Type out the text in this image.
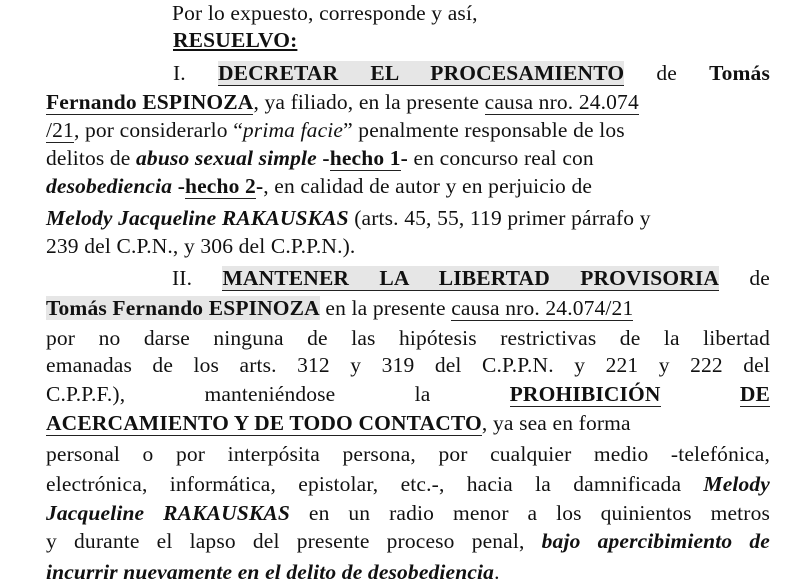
Por lo expuesto, corresponde y así,
RESUELVO:
I. DECRETAR EL PROCESAMIENTO de Tomás
Fernando ESPINOZA, ya filiado, en la presente causa nro. 24.074
/21, por considerarlo “prima facie” penalmente responsable de los
delitos de abuso sexual simple -hecho 1- en concurso real con
desobediencia -hecho 2-, en calidad de autor y en perjuicio de
Melody Jacqueline RAKAUSKAS (arts. 45, 55, 119 primer párrafo y
239 del C.P.N., y 306 del C.P.P.N.).
II. MANTENER LA LIBERTAD PROVISORIA de
Tomás Fernando ESPINOZA en la presente causa nro. 24.074/21
por no darse ninguna de las hipótesis restrictivas de la libertad
emanadas de los arts. 312 y 319 del C.P.P.N. y 221 y 222 del
C.P.P.F.),	manteniéndose	la	PROHIBICIÓN	DE
ACERCAMIENTO Y DE TODO CONTACTO, ya sea en forma
personal o por interpósita persona, por cualquier medio -telefónica,
electrónica, informática, epistolar, etc.-, hacia la damnificada Melody
Jacqueline RAKAUSKAS en un radio menor a los quinientos metros
y durante el lapso del presente proceso penal, bajo apercibimiento de
incurrir nuevamente en el delito de desobediencia.
